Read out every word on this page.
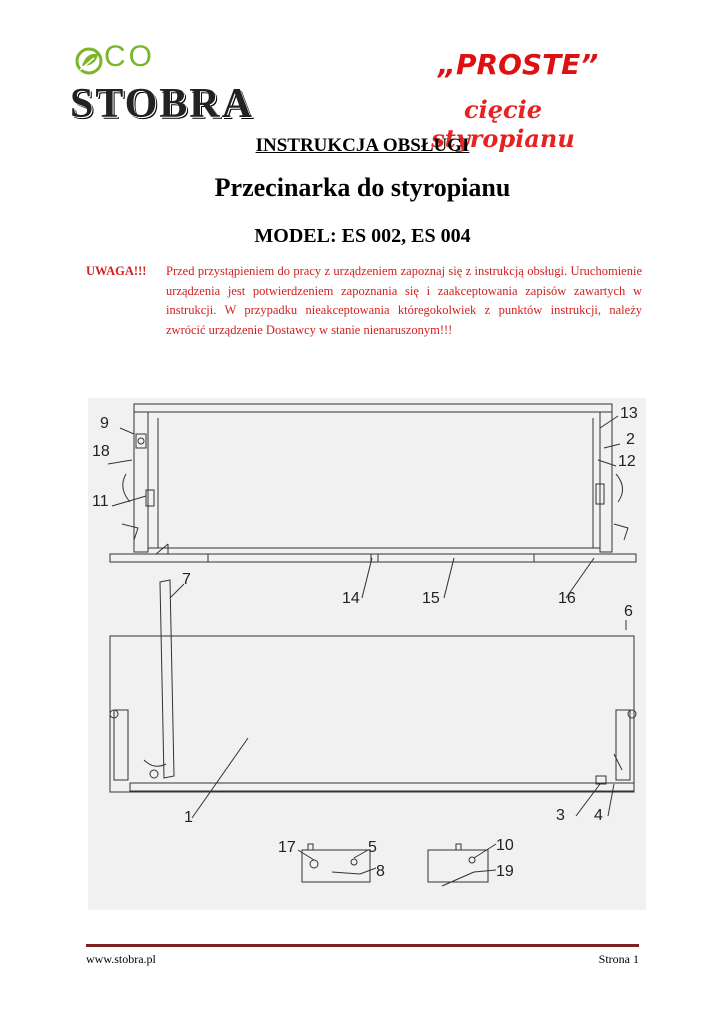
CO
STOBRA
„PROSTE”
cięcie styropianu
INSTRUKCJA OBSŁUGI
Przecinarka do styropianu
MODEL: ES 002, ES 004
UWAGA!!! Przed przystąpieniem do pracy z urządzeniem zapoznaj się z instrukcją obsługi. Uruchomienie urządzenia jest potwierdzeniem zapoznania się i zaakceptowania zapisów zawartych w instrukcji. W przypadku nieakceptowania któregokolwiek z punktów instrukcji, należy zwrócić urządzenie Dostawcy w stanie nienaruszonym!!!
9
18
11
13
2
12
14	15	16
7
6
1	3 4
17	5
8
10
19
www.stobra.pl	Strona 1
